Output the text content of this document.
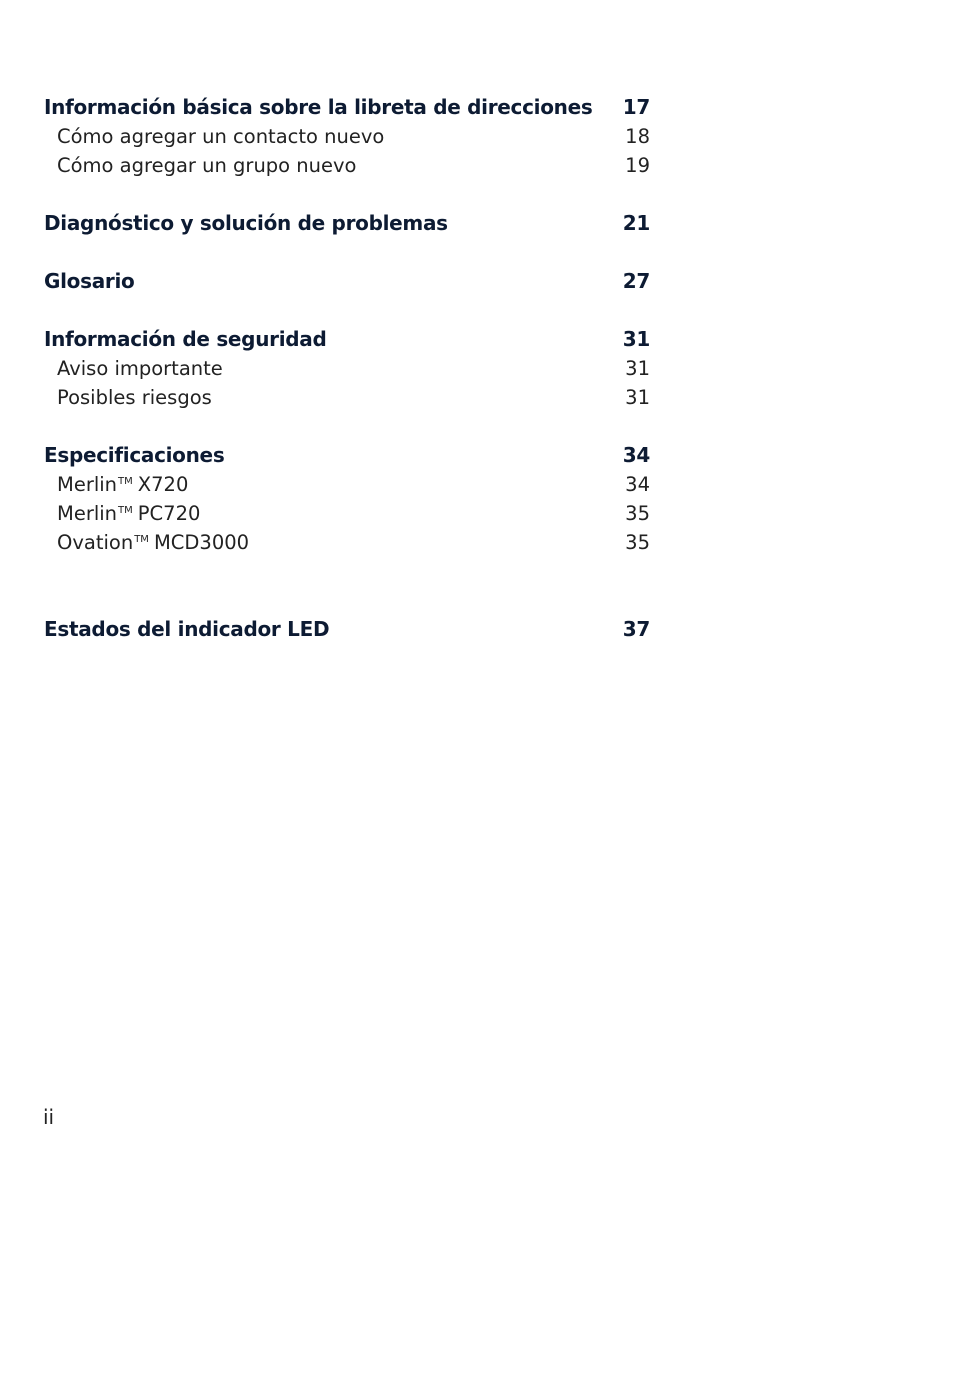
Información básica sobre la libreta de direcciones	17
Cómo agregar un contacto nuevo	18
Cómo agregar un grupo nuevo	19
Diagnóstico y solución de problemas	21
Glosario	27
Información de seguridad	31
Aviso importante	31
Posibles riesgos	31
Especificaciones	34
Merlin™ X720	34
Merlin™ PC720	35
Ovation™ MCD3000	35
Estados del indicador LED	37
ii
